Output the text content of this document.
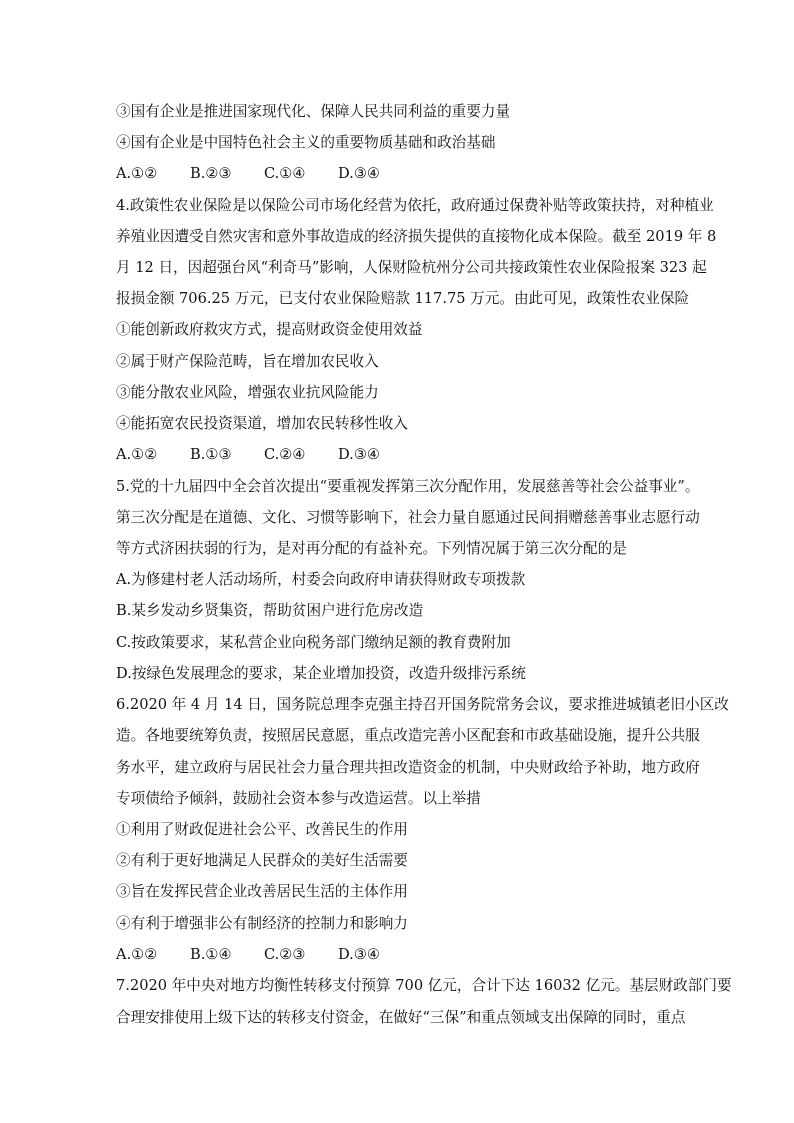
③国有企业是推进国家现代化、保障人民共同利益的重要力量
④国有企业是中国特色社会主义的重要物质基础和政治基础
A.①②	B.②③	C.①④	D.③④
4.政策性农业保险是以保险公司市场化经营为依托，政府通过保费补贴等政策扶持，对种植业
养殖业因遭受自然灾害和意外事故造成的经济损失提供的直接物化成本保险。截至 2019 年 8
月 12 日，因超强台风“利奇马”影响，人保财险杭州分公司共接政策性农业保险报案 323 起
报损金额 706.25 万元，已支付农业保险赔款 117.75 万元。由此可见，政策性农业保险
①能创新政府救灾方式，提高财政资金使用效益
②属于财产保险范畴，旨在增加农民收入
③能分散农业风险，增强农业抗风险能力
④能拓宽农民投资渠道，增加农民转移性收入
A.①②	B.①③	C.②④	D.③④
5.党的十九届四中全会首次提出“要重视发挥第三次分配作用，发展慈善等社会公益事业”。
第三次分配是在道德、文化、习惯等影响下，社会力量自愿通过民间捐赠慈善事业志愿行动
等方式济困扶弱的行为，是对再分配的有益补充。下列情况属于第三次分配的是
A.为修建村老人活动场所，村委会向政府申请获得财政专项拨款
B.某乡发动乡贤集资，帮助贫困户进行危房改造
C.按政策要求，某私营企业向税务部门缴纳足额的教育费附加
D.按绿色发展理念的要求，某企业增加投资，改造升级排污系统
6.2020 年 4 月 14 日，国务院总理李克强主持召开国务院常务会议，要求推进城镇老旧小区改
造。各地要统筹负责，按照居民意愿，重点改造完善小区配套和市政基础设施，提升公共服
务水平，建立政府与居民社会力量合理共担改造资金的机制，中央财政给予补助，地方政府
专项债给予倾斜，鼓励社会资本参与改造运营。以上举措
①利用了财政促进社会公平、改善民生的作用
②有利于更好地满足人民群众的美好生活需要
③旨在发挥民营企业改善居民生活的主体作用
④有利于增强非公有制经济的控制力和影响力
A.①②	B.①④	C.②③	D.③④
7.2020 年中央对地方均衡性转移支付预算 700 亿元，合计下达 16032 亿元。基层财政部门要
合理安排使用上级下达的转移支付资金，在做好“三保”和重点领域支出保障的同时，重点
